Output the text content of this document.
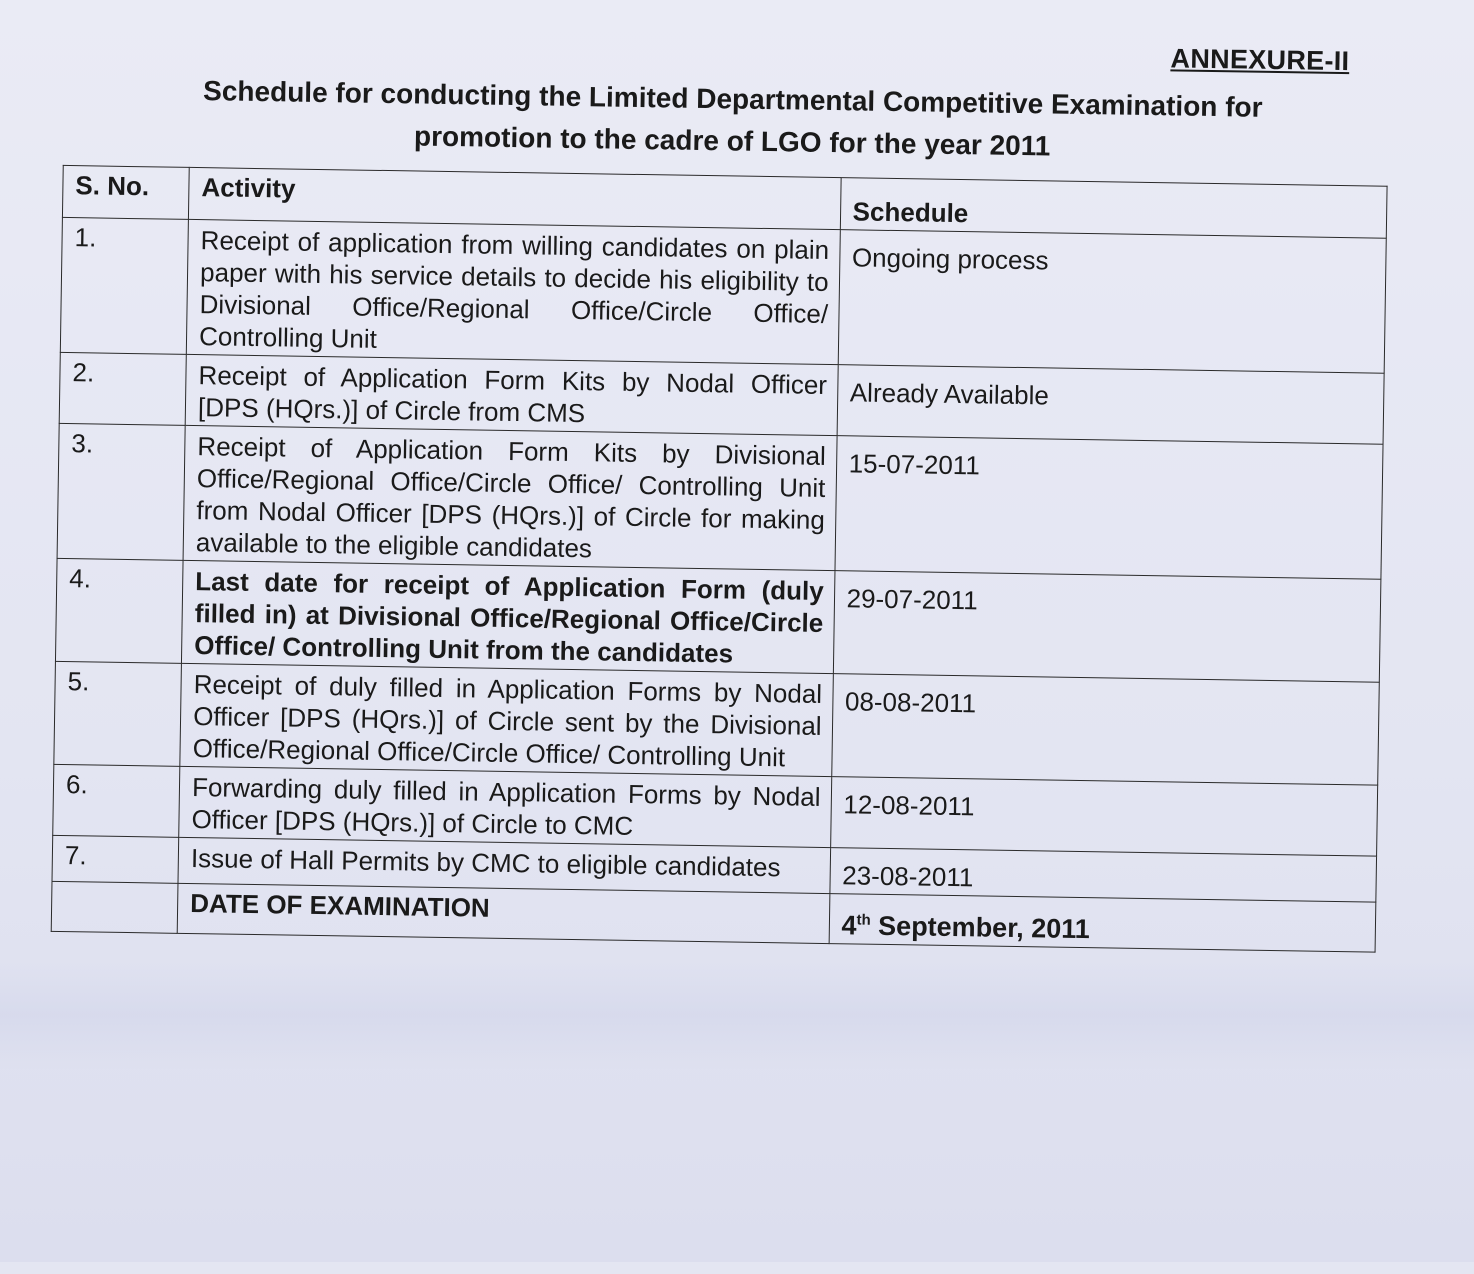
ANNEXURE-II
Schedule for conducting the Limited Departmental Competitive Examination for
promotion to the cadre of LGO for the year 2011
S. No.	Activity	Schedule
1.	Receipt of application from willing candidates on plain paper with his service details to decide his eligibility to Divisional Office/Regional Office/Circle Office/ Controlling Unit	Ongoing process
2.	Receipt of Application Form Kits by Nodal Officer [DPS (HQrs.)] of Circle from CMS	Already Available
3.	Receipt of Application Form Kits by Divisional Office/Regional Office/Circle Office/ Controlling Unit from Nodal Officer [DPS (HQrs.)] of Circle for making available to the eligible candidates	15-07-2011
4.	Last date for receipt of Application Form (duly filled in) at Divisional Office/Regional Office/Circle Office/ Controlling Unit from the candidates	29-07-2011
5.	Receipt of duly filled in Application Forms by Nodal Officer [DPS (HQrs.)] of Circle sent by the Divisional Office/Regional Office/Circle Office/ Controlling Unit	08-08-2011
6.	Forwarding duly filled in Application Forms by Nodal Officer [DPS (HQrs.)] of Circle to CMC	12-08-2011
7.	Issue of Hall Permits by CMC to eligible candidates	23-08-2011
	DATE OF EXAMINATION	4th September, 2011
